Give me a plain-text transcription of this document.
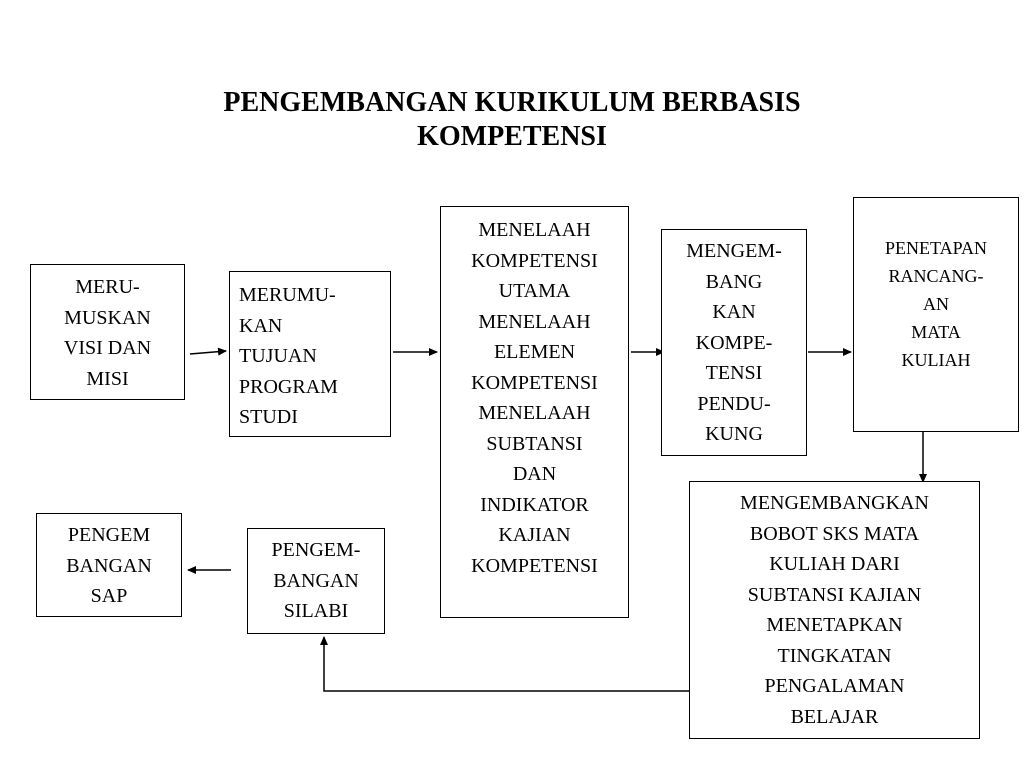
PENGEMBANGAN KURIKULUM BERBASIS
KOMPETENSI
MERU-
MUSKAN
VISI DAN
MISI
MERUMU-
KAN
TUJUAN
PROGRAM
STUDI
MENELAAH
KOMPETENSI
UTAMA
MENELAAH
ELEMEN
KOMPETENSI
MENELAAH
SUBTANSI
DAN
INDIKATOR
KAJIAN
KOMPETENSI
MENGEM-
BANG
KAN
KOMPE-
TENSI
PENDU-
KUNG
PENETAPAN
RANCANG-
AN
MATA
KULIAH
MENGEMBANGKAN
BOBOT SKS MATA
KULIAH DARI
SUBTANSI KAJIAN
MENETAPKAN
TINGKATAN
PENGALAMAN
BELAJAR
PENGEM-
BANGAN
SILABI
PENGEM
BANGAN
SAP
